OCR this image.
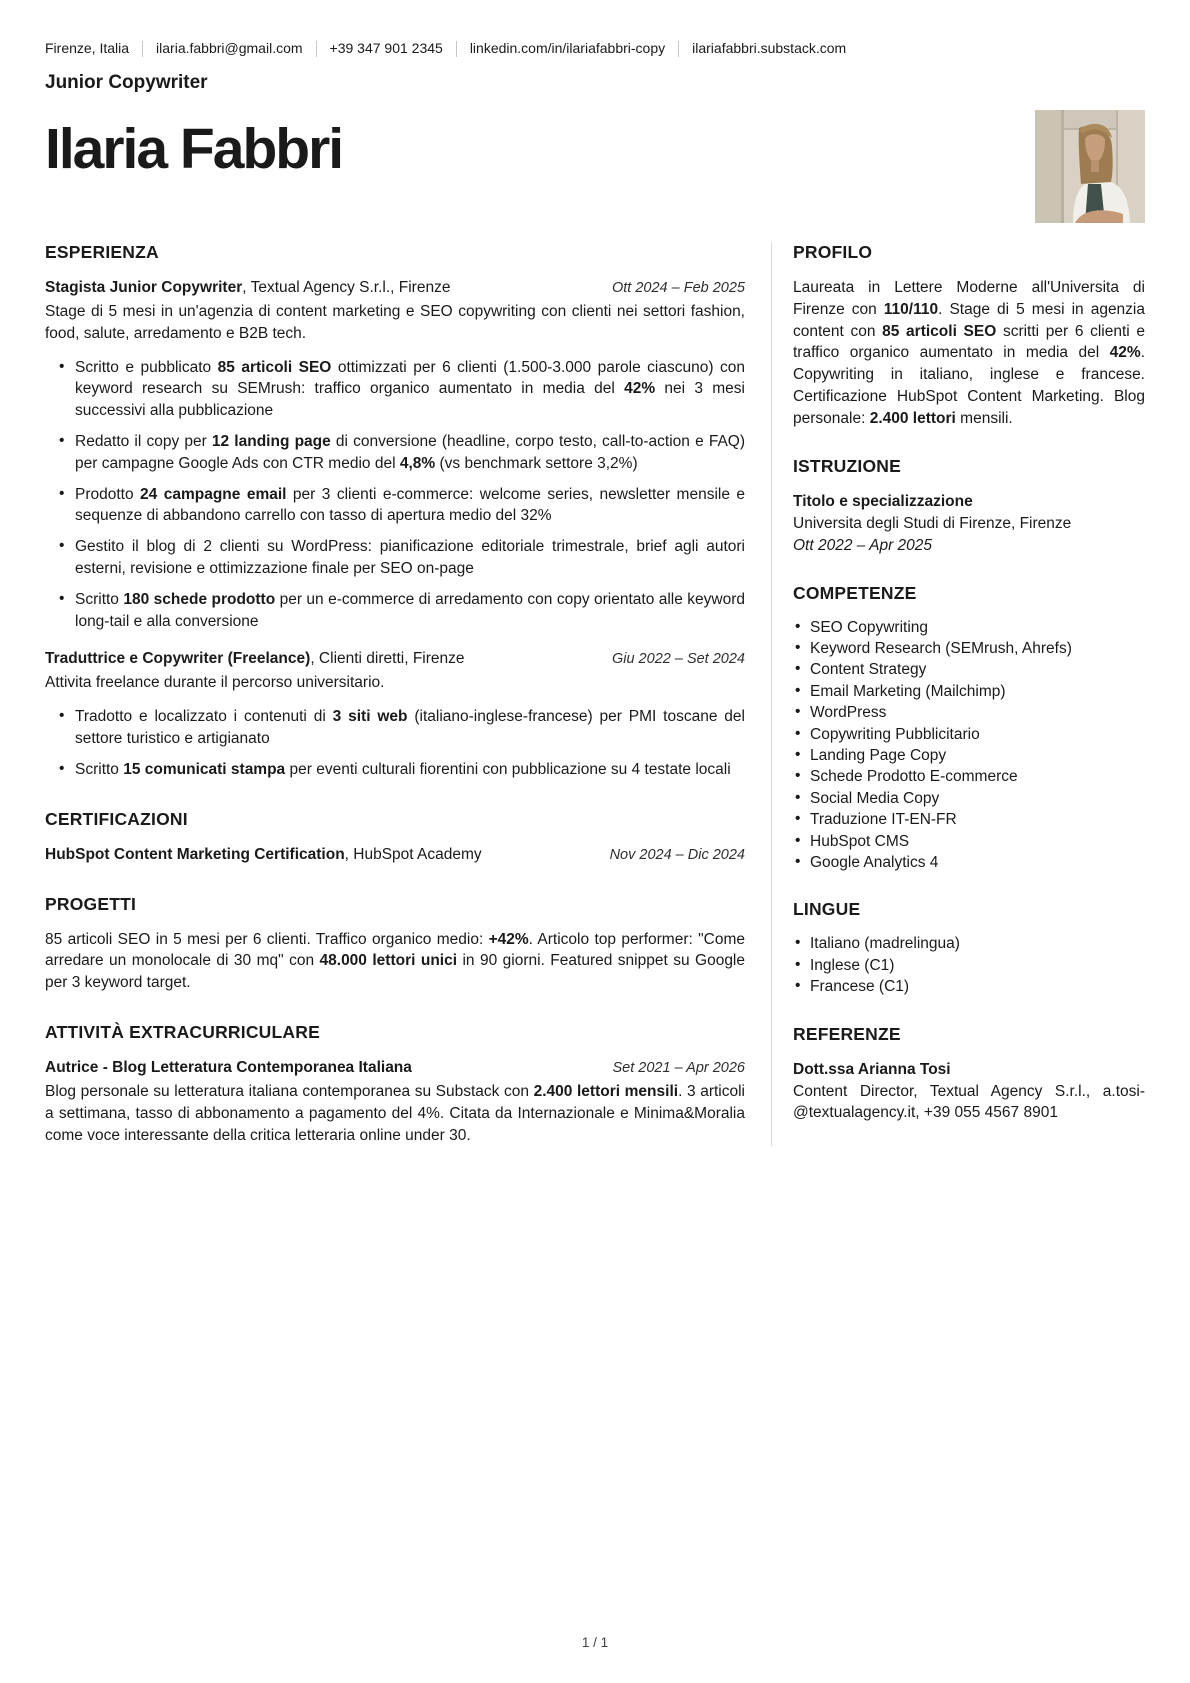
Firenze, Italia ilaria.fabbri@gmail.com +39 347 901 2345 linkedin.com/in/ilariafabbri-copy ilariafabbri.substack.com
Junior Copywriter
Ilaria Fabbri
ESPERIENZA

Stagista Junior Copywriter, Textual Agency S.r.l., Firenze	Ott 2024 – Feb 2025

Stage di 5 mesi in un'agenzia di content marketing e SEO copywriting con clienti nei settori fashion, food, salute, arredamento e B2B tech.

• Scritto e pubblicato 85 articoli SEO ottimizzati per 6 clienti (1.500-3.000 parole ciascuno) con keyword research su SEMrush: traffico organico aumentato in media del 42% nei 3 mesi successivi alla pubblicazione
• Redatto il copy per 12 landing page di conversione (headline, corpo testo, call-to-action e FAQ) per campagne Google Ads con CTR medio del 4,8% (vs benchmark settore 3,2%)
• Prodotto 24 campagne email per 3 clienti e-commerce: welcome series, newsletter mensile e sequenze di abbandono carrello con tasso di apertura medio del 32%
• Gestito il blog di 2 clienti su WordPress: pianificazione editoriale trimestrale, brief agli autori esterni, revisione e ottimizzazione finale per SEO on-page
• Scritto 180 schede prodotto per un e-commerce di arredamento con copy orientato alle keyword long-tail e alla conversione

Traduttrice e Copywriter (Freelance), Clienti diretti, Firenze	Giu 2022 – Set 2024

Attivita freelance durante il percorso universitario.

• Tradotto e localizzato i contenuti di 3 siti web (italiano-inglese-francese) per PMI toscane del settore turistico e artigianato
• Scritto 15 comunicati stampa per eventi culturali fiorentini con pubblicazione su 4 testate locali
CERTIFICAZIONI

HubSpot Content Marketing Certification, HubSpot Academy	Nov 2024 – Dic 2024
PROGETTI

85 articoli SEO in 5 mesi per 6 clienti. Traffico organico medio: +42%. Articolo top performer: "Come arredare un monolocale di 30 mq" con 48.000 lettori unici in 90 giorni. Featured snippet su Google per 3 keyword target.

ATTIVITÀ EXTRACURRICULARE

Autrice - Blog Letteratura Contemporanea Italiana	Set 2021 – Apr 2026

Blog personale su letteratura italiana contemporanea su Substack con 2.400 lettori mensili. 3 articoli a settimana, tasso di abbonamento a pagamento del 4%. Citata da Internazionale e Minima&Moralia come voce interessante della critica letteraria online under 30.

PROFILO

Laureata in Lettere Moderne all'Universita di Firenze con 110/110. Stage di 5 mesi in agenzia content con 85 articoli SEO scritti per 6 clienti e traffico organico aumentato in media del 42%. Copywriting in italiano, inglese e francese. Certificazione HubSpot Content Marketing. Blog personale: 2.400 lettori mensili.

ISTRUZIONE

Titolo e specializzazione

Universita degli Studi di Firenze, Firenze

Ott 2022 – Apr 2025

COMPETENZE
• SEO Copywriting
• Keyword Research (SEMrush, Ahrefs)
• Content Strategy
• Email Marketing (Mailchimp)
• WordPress
• Copywriting Pubblicitario
• Landing Page Copy
• Schede Prodotto E-commerce
• Social Media Copy
• Traduzione IT-EN-FR
• HubSpot CMS
• Google Analytics 4
LINGUE
• Italiano (madrelingua)
• Inglese (C1)
• Francese (C1)
REFERENZE

Dott.ssa Arianna Tosi

Content Director, Textual Agency S.r.l., a.tosi-@textualagency.it, +39 055 4567 8901

1 / 1
